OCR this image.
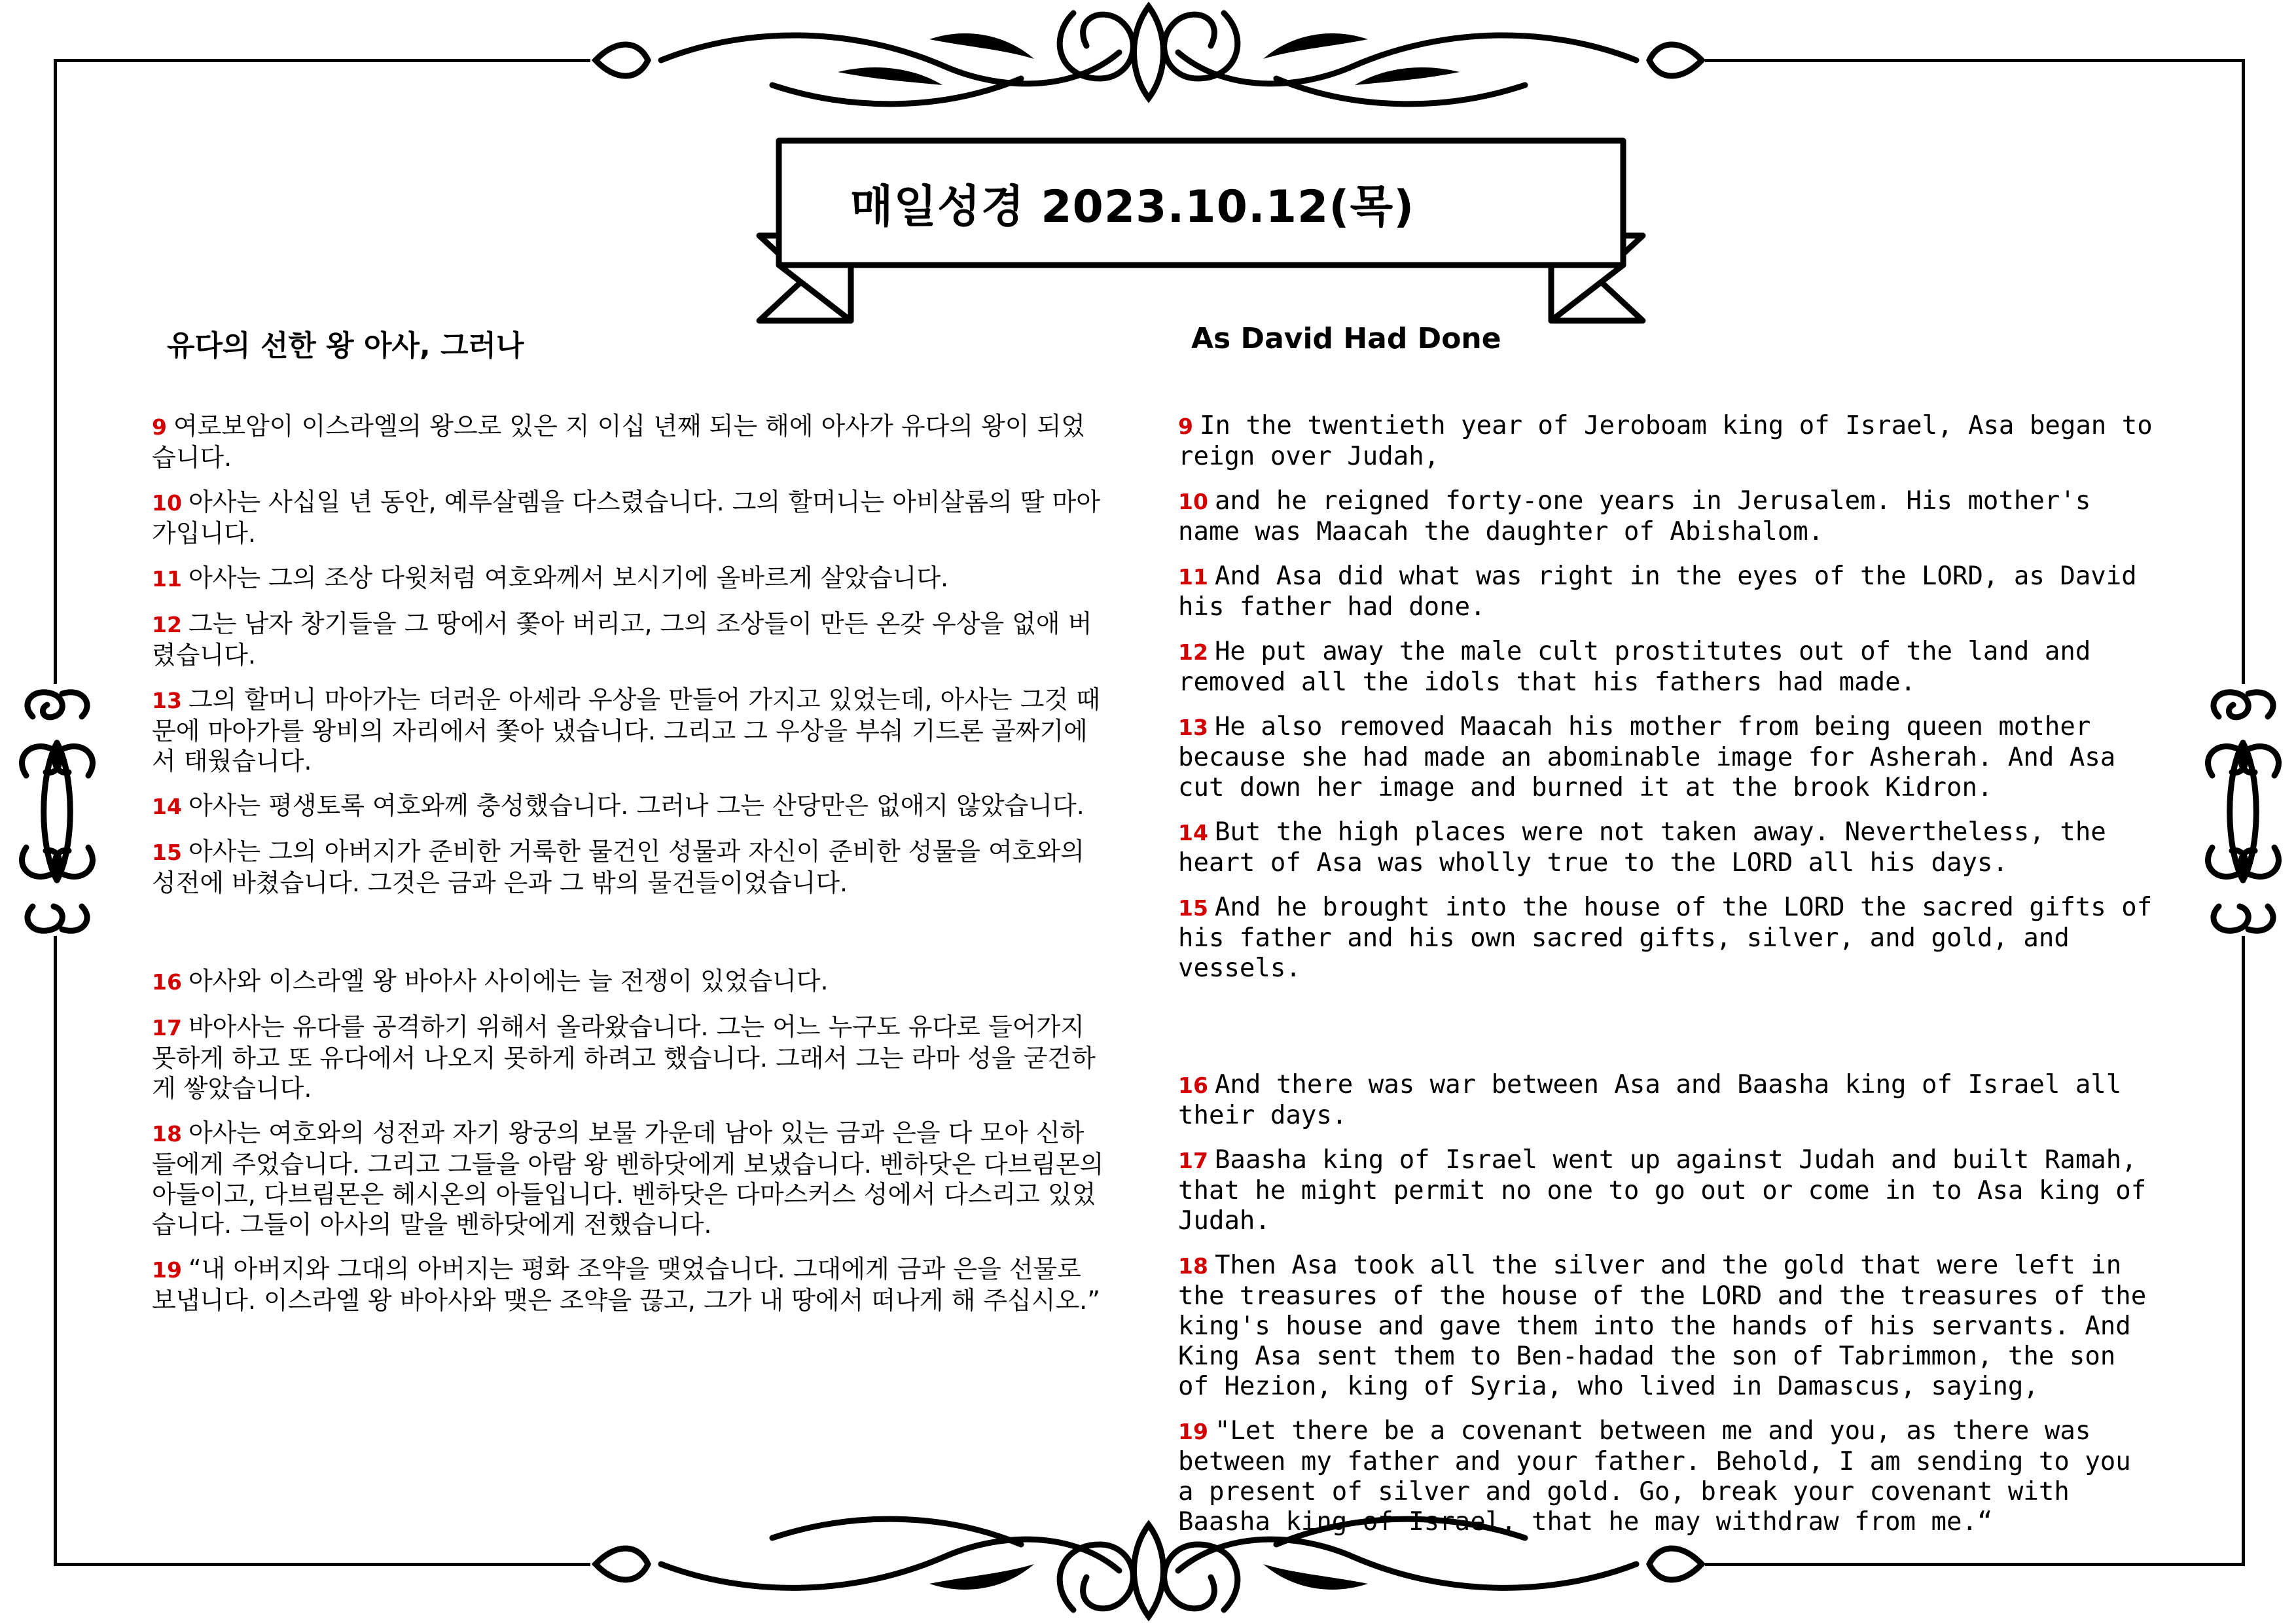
매일성경 2023.10.12(목)
유다의 선한 왕 아사, 그러나	As David Had Done

9 여로보암이 이스라엘의 왕으로 있은 지 이십 년째 되는 해에 아사가 유다의 왕이 되었습니다.

10 아사는 사십일 년 동안, 예루살렘을 다스렸습니다. 그의 할머니는 아비살롬의 딸 마아가입니다.

11 아사는 그의 조상 다윗처럼 여호와께서 보시기에 올바르게 살았습니다.

12 그는 남자 창기들을 그 땅에서 쫓아 버리고, 그의 조상들이 만든 온갖 우상을 없애 버렸습니다.

13 그의 할머니 마아가는 더러운 아세라 우상을 만들어 가지고 있었는데, 아사는 그것 때문에 마아가를 왕비의 자리에서 쫓아 냈습니다. 그리고 그 우상을 부숴 기드론 골짜기에서 태웠습니다.

14 아사는 평생토록 여호와께 충성했습니다. 그러나 그는 산당만은 없애지 않았습니다.

15 아사는 그의 아버지가 준비한 거룩한 물건인 성물과 자신이 준비한 성물을 여호와의 성전에 바쳤습니다. 그것은 금과 은과 그 밖의 물건들이었습니다.

16 아사와 이스라엘 왕 바아사 사이에는 늘 전쟁이 있었습니다.

17 바아사는 유다를 공격하기 위해서 올라왔습니다. 그는 어느 누구도 유다로 들어가지 못하게 하고 또 유다에서 나오지 못하게 하려고 했습니다. 그래서 그는 라마 성을 굳건하게 쌓았습니다.

18 아사는 여호와의 성전과 자기 왕궁의 보물 가운데 남아 있는 금과 은을 다 모아 신하들에게 주었습니다. 그리고 그들을 아람 왕 벤하닷에게 보냈습니다. 벤하닷은 다브림몬의 아들이고, 다브림몬은 헤시온의 아들입니다. 벤하닷은 다마스커스 성에서 다스리고 있었습니다. 그들이 아사의 말을 벤하닷에게 전했습니다.

19 “내 아버지와 그대의 아버지는 평화 조약을 맺었습니다. 그대에게 금과 은을 선물로 보냅니다. 이스라엘 왕 바아사와 맺은 조약을 끊고, 그가 내 땅에서 떠나게 해 주십시오.”

9 In the twentieth year of Jeroboam king of Israel, Asa began to reign over Judah,

10 and he reigned forty-one years in Jerusalem. His mother's name was Maacah the daughter of Abishalom.

11 And Asa did what was right in the eyes of the LORD, as David his father had done.

12 He put away the male cult prostitutes out of the land and removed all the idols that his fathers had made.

13 He also removed Maacah his mother from being queen mother because she had made an abominable image for Asherah. And Asa cut down her image and burned it at the brook Kidron.

14 But the high places were not taken away. Nevertheless, the heart of Asa was wholly true to the LORD all his days.

15 And he brought into the house of the LORD the sacred gifts of his father and his own sacred gifts, silver, and gold, and vessels.

16 And there was war between Asa and Baasha king of Israel all their days.

17 Baasha king of Israel went up against Judah and built Ramah, that he might permit no one to go out or come in to Asa king of Judah.

18 Then Asa took all the silver and the gold that were left in the treasures of the house of the LORD and the treasures of the king's house and gave them into the hands of his servants. And King Asa sent them to Ben-hadad the son of Tabrimmon, the son of Hezion, king of Syria, who lived in Damascus, saying,

19 "Let there be a covenant between me and you, as there was between my father and your father. Behold, I am sending to you a present of silver and gold. Go, break your covenant with Baasha king of Israel, that he may withdraw from me.“
